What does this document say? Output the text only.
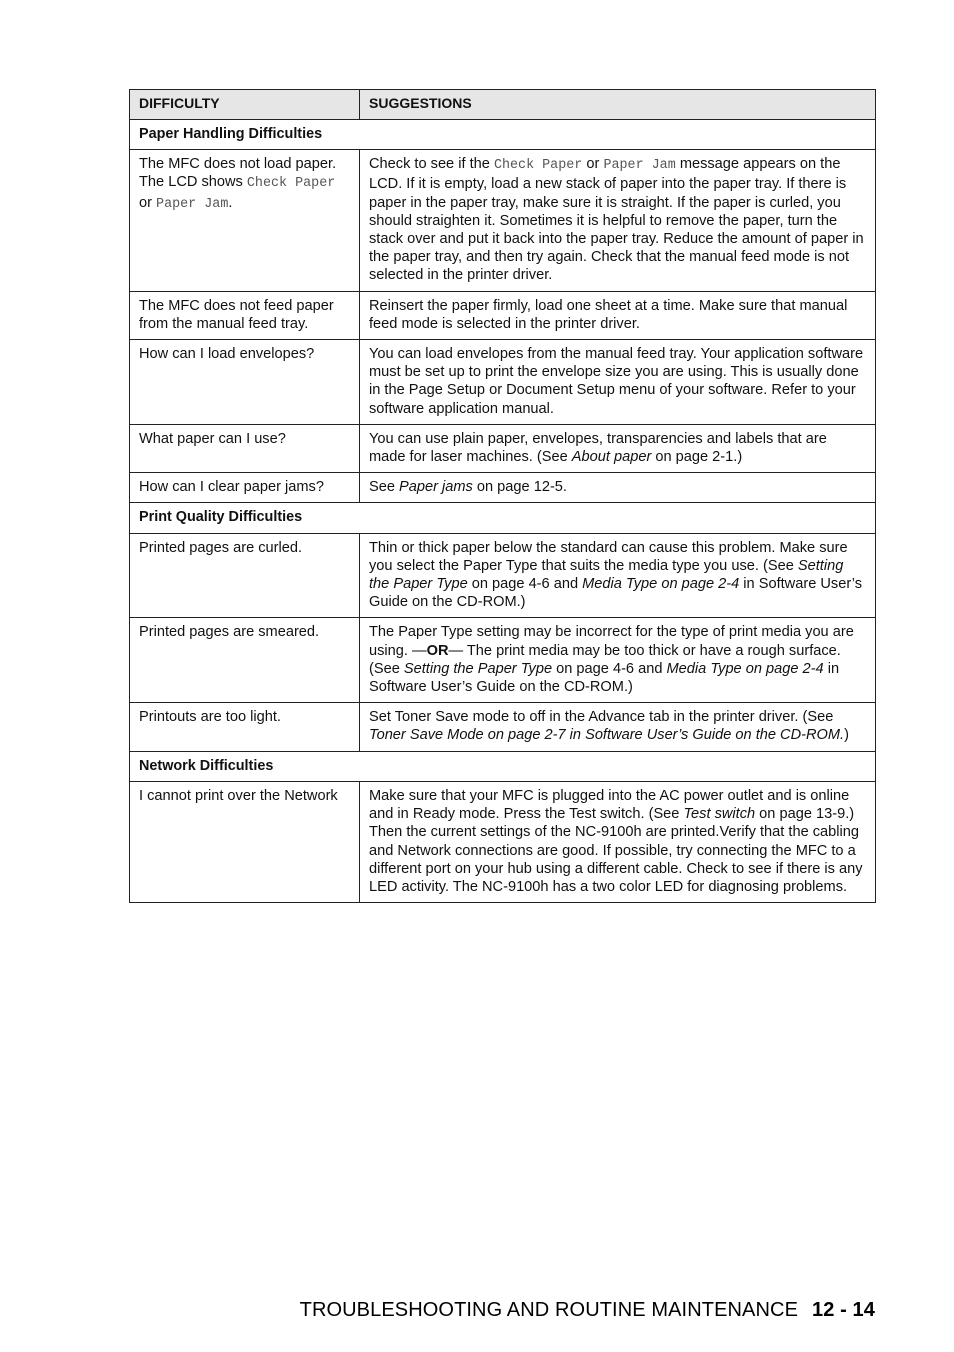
DIFFICULTY	SUGGESTIONS
Paper Handling Difficulties	
The MFC does not load paper. The LCD shows Check Paper or Paper Jam.	Check to see if the Check Paper or Paper Jam message appears on the LCD. If it is empty, load a new stack of paper into the paper tray. If there is paper in the paper tray, make sure it is straight. If the paper is curled, you should straighten it. Sometimes it is helpful to remove the paper, turn the stack over and put it back into the paper tray. Reduce the amount of paper in the paper tray, and then try again. Check that the manual feed mode is not selected in the printer driver.
The MFC does not feed paper from the manual feed tray.	Reinsert the paper firmly, load one sheet at a time. Make sure that manual feed mode is selected in the printer driver.
How can I load envelopes?	You can load envelopes from the manual feed tray. Your application software must be set up to print the envelope size you are using. This is usually done in the Page Setup or Document Setup menu of your software. Refer to your software application manual.
What paper can I use?	You can use plain paper, envelopes, transparencies and labels that are made for laser machines. (See About paper on page 2-1.)
How can I clear paper jams?	See Paper jams on page 12-5.
Print Quality Difficulties	
Printed pages are curled.	Thin or thick paper below the standard can cause this problem. Make sure you select the Paper Type that suits the media type you use. (See Setting the Paper Type on page 4-6 and Media Type on page 2-4 in Software User’s Guide on the CD-ROM.)
Printed pages are smeared.	The Paper Type setting may be incorrect for the type of print media you are using. —OR— The print media may be too thick or have a rough surface. (See Setting the Paper Type on page 4-6 and Media Type on page 2-4 in Software User’s Guide on the CD-ROM.)
Printouts are too light.	Set Toner Save mode to off in the Advance tab in the printer driver. (See Toner Save Mode on page 2-7 in Software User’s Guide on the CD-ROM.)
Network Difficulties	
I cannot print over the Network	Make sure that your MFC is plugged into the AC power outlet and is online and in Ready mode. Press the Test switch. (See Test switch on page 13-9.) Then the current settings of the NC-9100h are printed.Verify that the cabling and Network connections are good. If possible, try connecting the MFC to a different port on your hub using a different cable. Check to see if there is any LED activity. The NC-9100h has a two color LED for diagnosing problems.
TROUBLESHOOTING AND ROUTINE MAINTENANCE 12 - 14
